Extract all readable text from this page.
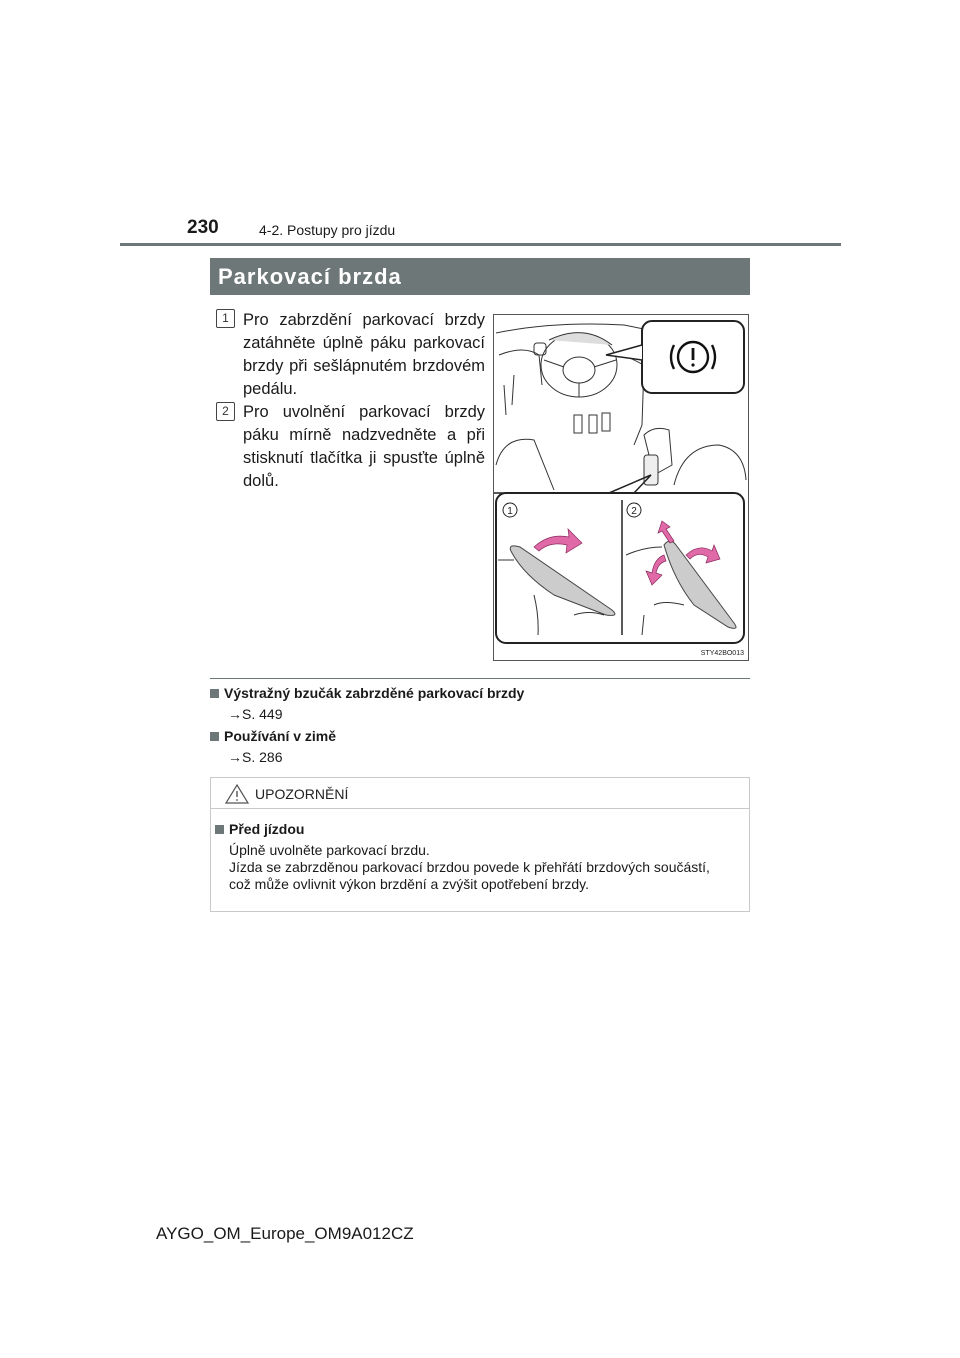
230	4-2. Postupy pro jízdu
Parkovací brzda
1 Pro zabrzdění parkovací brzdy zatáhněte úplně páku parkovací brzdy při sešlápnutém brzdovém pedálu.
2 Pro uvolnění parkovací brzdy páku mírně nadzvedněte a při stisknutí tlačítka ji spusťte úplně dolů.
1	2
STY42BO013
Výstražný bzučák zabrzděné parkovací brzdy
→S. 449
Používání v zimě
→S. 286
UPOZORNĚNÍ
Před jízdou
Úplně uvolněte parkovací brzdu.
Jízda se zabrzděnou parkovací brzdou povede k přehřátí brzdových součástí,
což může ovlivnit výkon brzdění a zvýšit opotřebení brzdy.
AYGO_OM_Europe_OM9A012CZ
